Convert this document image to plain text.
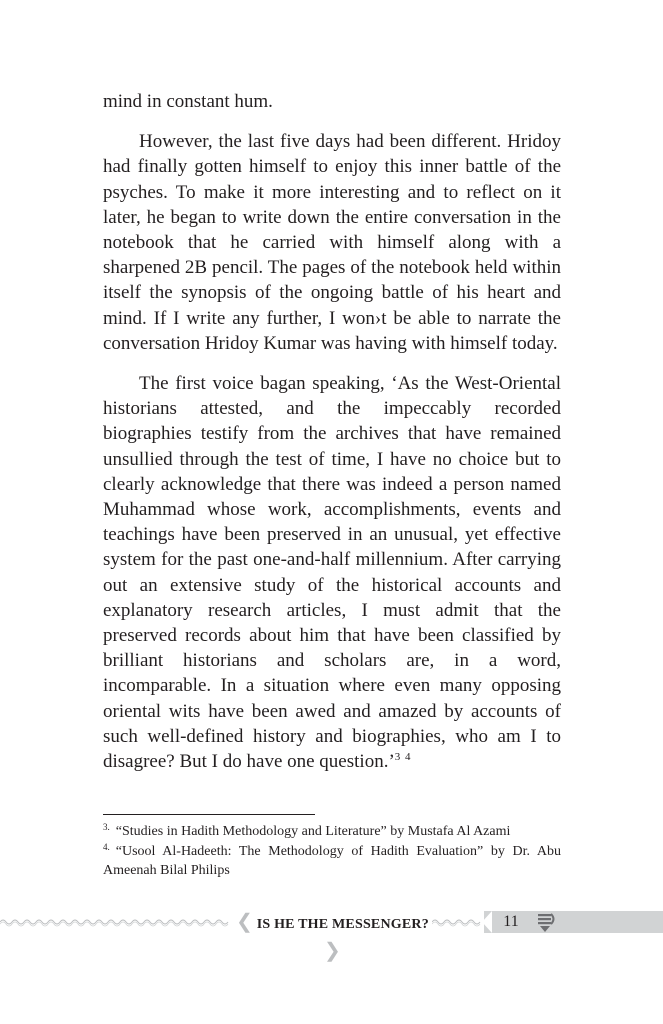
mind in constant hum.

However, the last five days had been different. Hridoy had finally gotten himself to enjoy this inner battle of the psyches. To make it more interesting and to reflect on it later, he began to write down the entire conversation in the notebook that he carried with himself along with a sharpened 2B pencil. The pages of the notebook held within itself the synopsis of the ongoing battle of his heart and mind. If I write any further, I won›t be able to narrate the conversation Hridoy Kumar was having with himself today.

The first voice bagan speaking, ‘As the West-Oriental historians attested, and the impeccably recorded biographies testify from the archives that have remained unsullied through the test of time, I have no choice but to clearly acknowledge that there was indeed a person named Muhammad whose work, accomplishments, events and teachings have been preserved in an unusual, yet effective system for the past one-and-half millennium. After carrying out an extensive study of the historical accounts and explanatory research articles, I must admit that the preserved records about him that have been classified by brilliant historians and scholars are, in a word, incomparable. In a situation where even many opposing oriental wits have been awed and amazed by accounts of such well-defined history and biographies, who am I to disagree? But I do have one question.’$^3$ $^4$

$^{3.}$ “Studies in Hadith Methodology and Literature” by Mustafa Al Azami

$^{4.}$ “Usool Al-Hadeeth: The Methodology of Hadith Evaluation” by Dr. Abu Ameenah Bilal Philips

❮ IS HE THE MESSENGER? ❯
11
